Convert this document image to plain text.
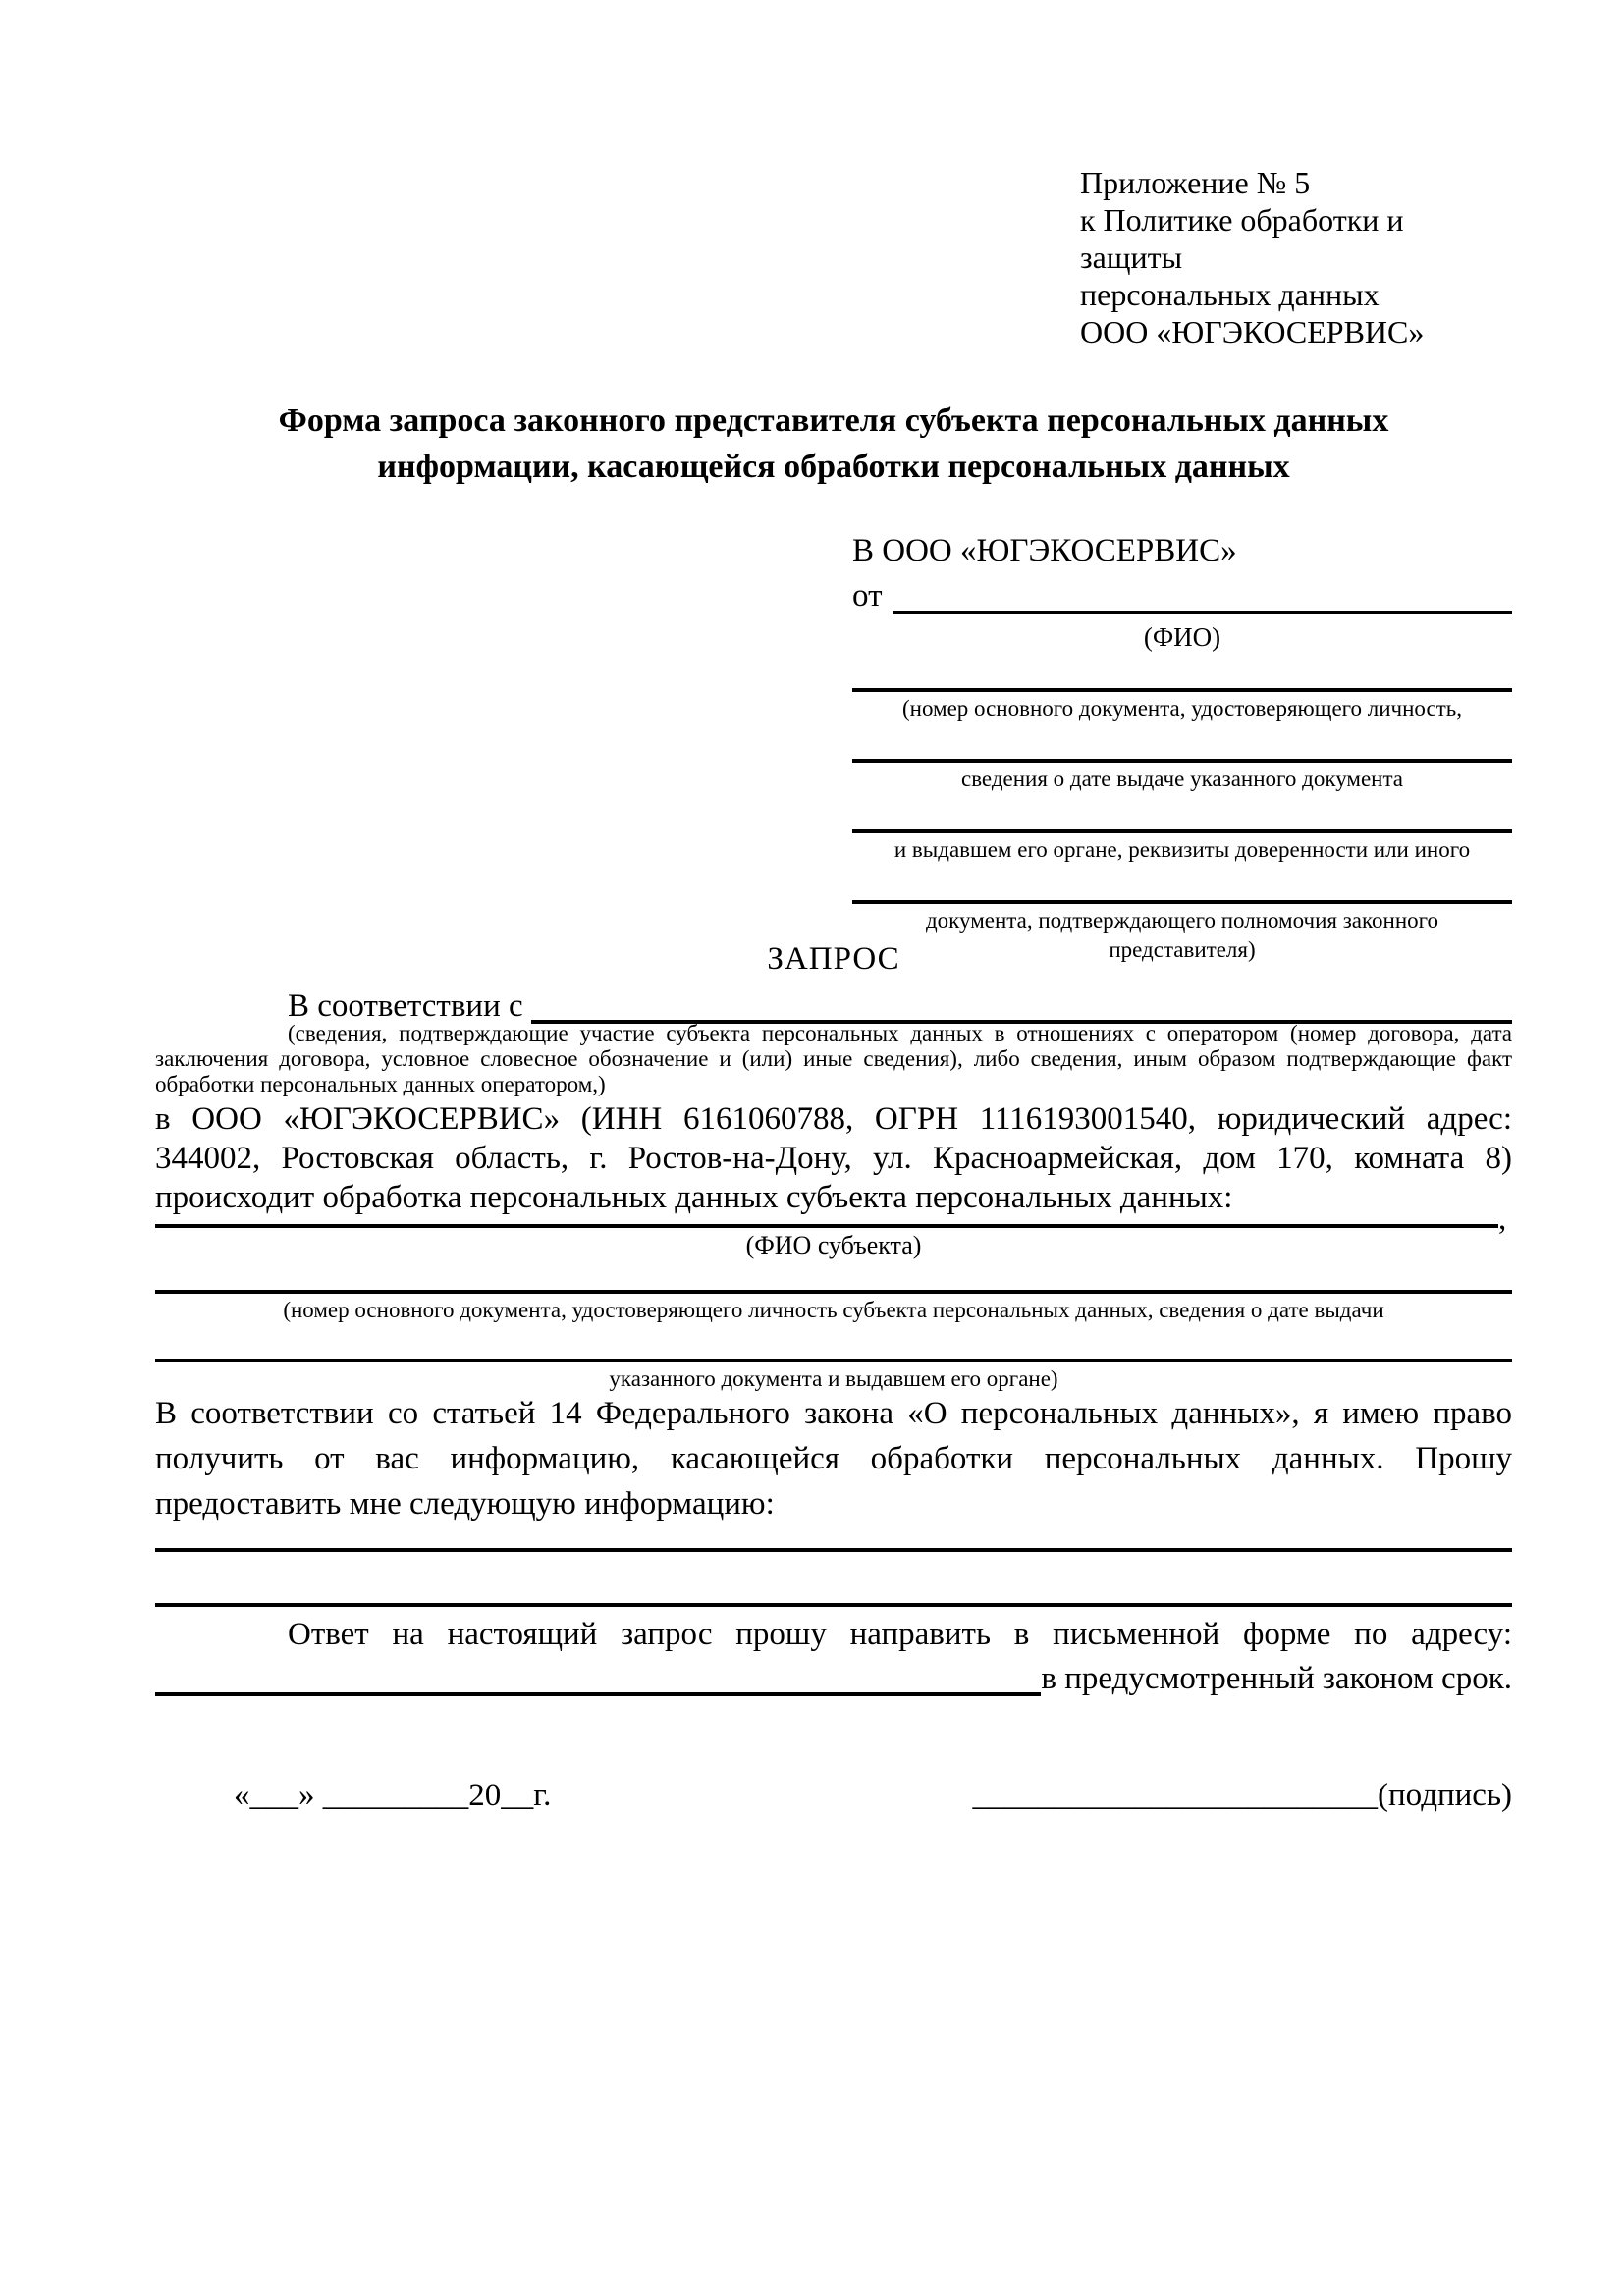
Приложение № 5
к Политике обработки и защиты
персональных данных
ООО «ЮГЭКОСЕРВИС»
Форма запроса законного представителя субъекта персональных данных
информации, касающейся обработки персональных данных
В ООО «ЮГЭКОСЕРВИС»
от
(ФИО)
(номер основного документа, удостоверяющего личность,
сведения о дате выдаче указанного документа
и выдавшем его органе, реквизиты доверенности или иного
документа, подтверждающего полномочия законного представителя)
ЗАПРОС
В соответствии с
(сведения, подтверждающие участие субъекта персональных данных в отношениях с оператором (номер договора, дата заключения договора, условное словесное обозначение и (или) иные сведения), либо сведения, иным образом подтверждающие факт обработки персональных данных оператором,)
в ООО «ЮГЭКОСЕРВИС» (ИНН 6161060788, ОГРН 1116193001540, юридический адрес: 344002, Ростовская область, г. Ростов-на-Дону, ул. Красноармейская, дом 170, комната 8) происходит обработка персональных данных субъекта персональных данных:
,
(ФИО субъекта)
(номер основного документа, удостоверяющего личность субъекта персональных данных, сведения о дате выдачи
указанного документа и выдавшем его органе)
В соответствии со статьей 14 Федерального закона «О персональных данных», я имею право получить от вас информацию, касающейся обработки персональных данных. Прошу предоставить мне следующую информацию:
Ответ на настоящий запрос прошу направить в письменной форме по адресу:
в предусмотренный законом срок.
«___» _________20__г.	_________________________(подпись)
